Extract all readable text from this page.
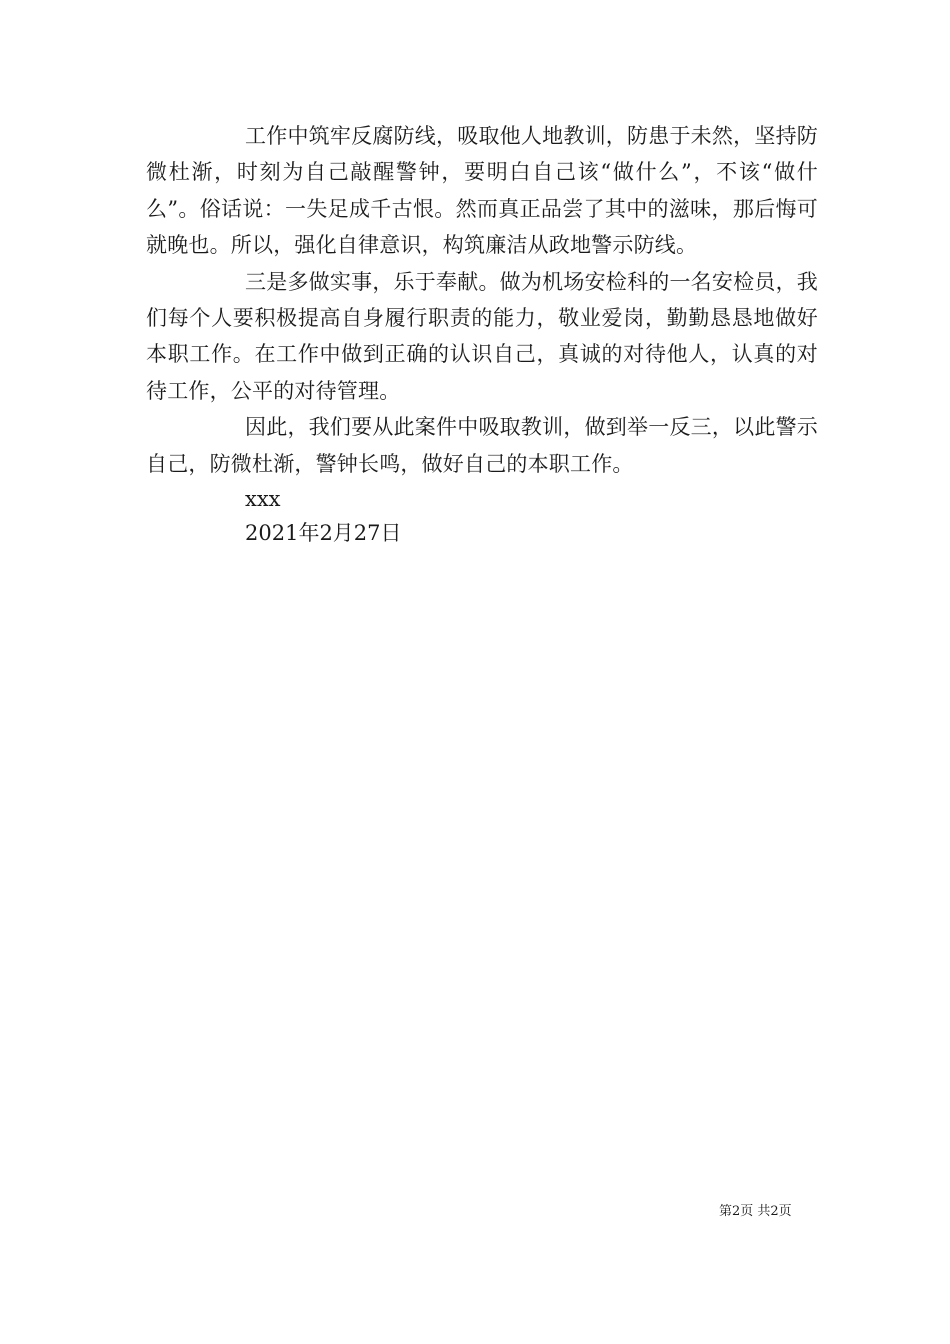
工作中筑牢反腐防线，吸取他人地教训，防患于未然，坚持防微杜渐，时刻为自己敲醒警钟，要明白自己该“做什么”，不该“做什么”。俗话说：一失足成千古恨。然而真正品尝了其中的滋味，那后悔可就晚也。所以，强化自律意识，构筑廉洁从政地警示防线。

三是多做实事，乐于奉献。做为机场安检科的一名安检员，我们每个人要积极提高自身履行职责的能力，敬业爱岗，勤勤恳恳地做好本职工作。在工作中做到正确的认识自己，真诚的对待他人，认真的对待工作，公平的对待管理。

因此，我们要从此案件中吸取教训，做到举一反三，以此警示自己，防微杜渐，警钟长鸣，做好自己的本职工作。

xxx

2021年2月27日

第2页 共2页
